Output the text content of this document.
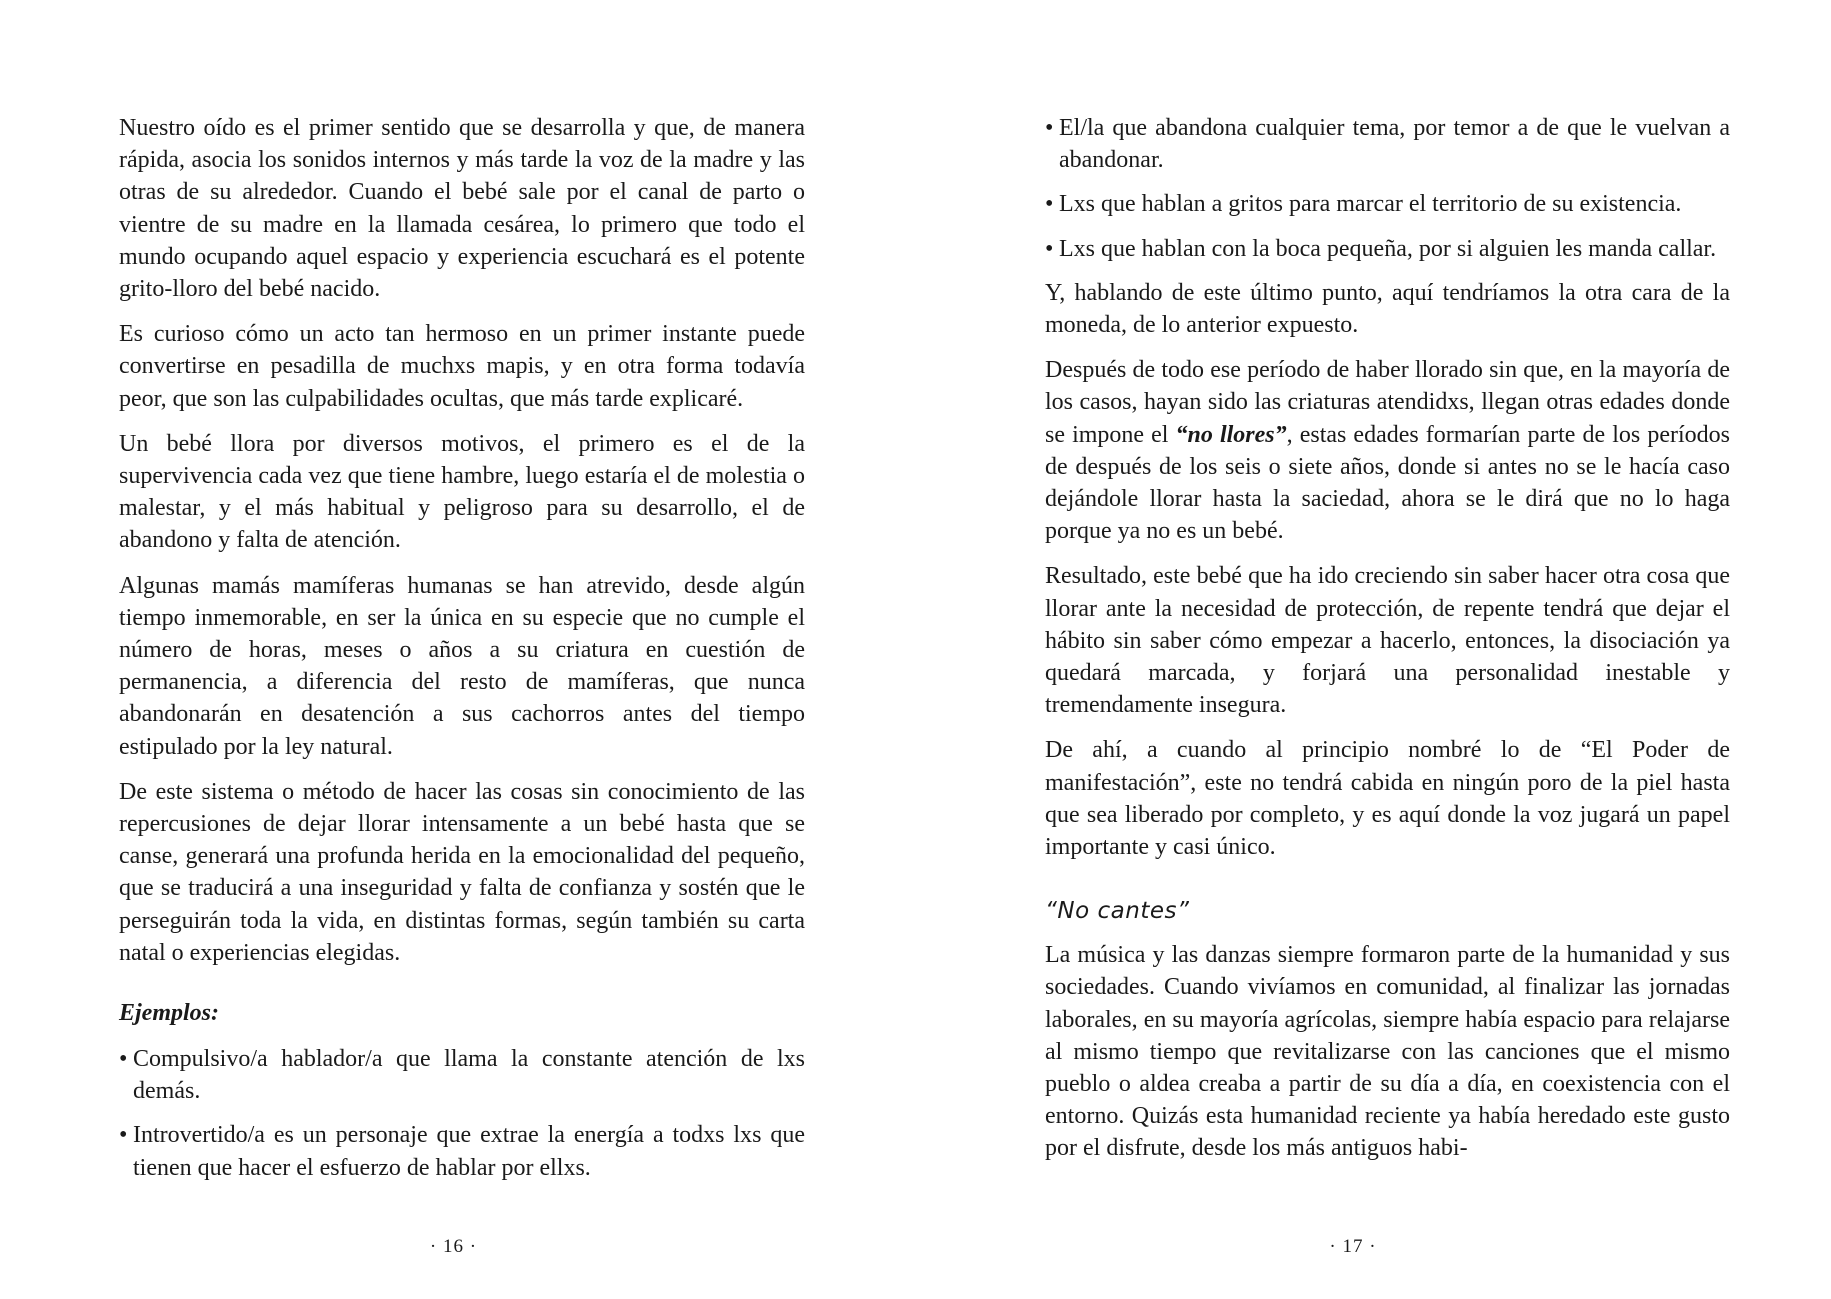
Nuestro oído es el primer sentido que se desarrolla y que, de manera rápida, asocia los sonidos internos y más tarde la voz de la madre y las otras de su alrededor. Cuando el bebé sale por el canal de parto o vientre de su madre en la llamada cesárea, lo primero que todo el mundo ocupando aquel espacio y experiencia escuchará es el potente grito-lloro del bebé nacido.

Es curioso cómo un acto tan hermoso en un primer instante puede convertirse en pesadilla de muchxs mapis, y en otra forma todavía peor, que son las culpabilidades ocultas, que más tarde explicaré.

Un bebé llora por diversos motivos, el primero es el de la supervivencia cada vez que tiene hambre, luego estaría el de molestia o malestar, y el más habitual y peligroso para su desarrollo, el de abandono y falta de atención.

Algunas mamás mamíferas humanas se han atrevido, desde algún tiempo inmemorable, en ser la única en su especie que no cumple el número de horas, meses o años a su criatura en cuestión de permanencia, a diferencia del resto de mamíferas, que nunca abandonarán en desatención a sus cachorros antes del tiempo estipulado por la ley natural.

De este sistema o método de hacer las cosas sin conocimiento de las repercusiones de dejar llorar intensamente a un bebé hasta que se canse, generará una profunda herida en la emocionalidad del pequeño, que se traducirá a una inseguridad y falta de confianza y sostén que le perseguirán toda la vida, en distintas formas, según también su carta natal o experiencias elegidas.

Ejemplos:
• Compulsivo/a hablador/a que llama la constante atención de lxs demás.
• Introvertido/a es un personaje que extrae la energía a todxs lxs que tienen que hacer el esfuerzo de hablar por ellxs.
· 16 ·
• El/la que abandona cualquier tema, por temor a de que le vuelvan a abandonar.
• Lxs que hablan a gritos para marcar el territorio de su existencia.
• Lxs que hablan con la boca pequeña, por si alguien les manda callar.

Y, hablando de este último punto, aquí tendríamos la otra cara de la moneda, de lo anterior expuesto.

Después de todo ese período de haber llorado sin que, en la mayoría de los casos, hayan sido las criaturas atendidxs, llegan otras edades donde se impone el “no llores”, estas edades formarían parte de los períodos de después de los seis o siete años, donde si antes no se le hacía caso dejándole llorar hasta la saciedad, ahora se le dirá que no lo haga porque ya no es un bebé.

Resultado, este bebé que ha ido creciendo sin saber hacer otra cosa que llorar ante la necesidad de protección, de repente tendrá que dejar el hábito sin saber cómo empezar a hacerlo, entonces, la disociación ya quedará marcada, y forjará una personalidad inestable y tremendamente insegura.

De ahí, a cuando al principio nombré lo de “El Poder de manifestación”, este no tendrá cabida en ningún poro de la piel hasta que sea liberado por completo, y es aquí donde la voz jugará un papel importante y casi único.

“No cantes”

La música y las danzas siempre formaron parte de la humanidad y sus sociedades. Cuando vivíamos en comunidad, al finalizar las jornadas laborales, en su mayoría agrícolas, siempre había espacio para relajarse al mismo tiempo que revitalizarse con las canciones que el mismo pueblo o aldea creaba a partir de su día a día, en coexistencia con el entorno. Quizás esta humanidad reciente ya había heredado este gusto por el disfrute, desde los más antiguos habi-

· 17 ·
